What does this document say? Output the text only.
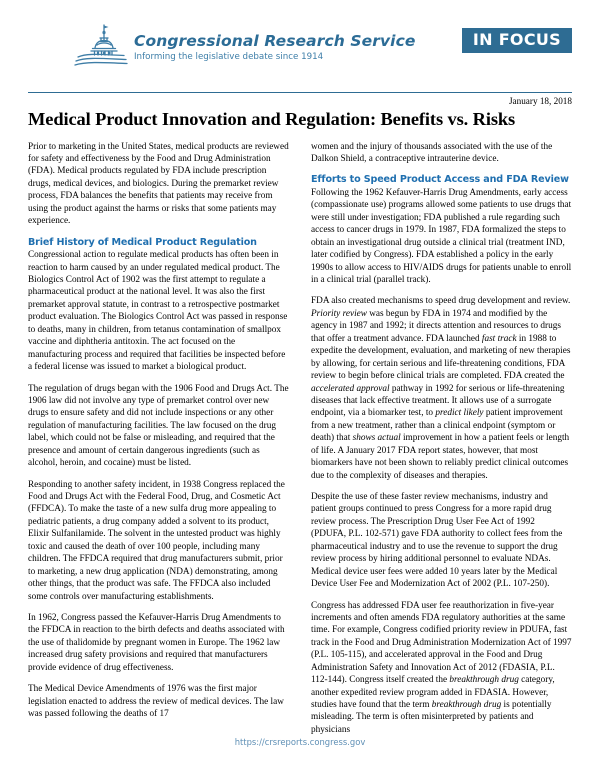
Congressional Research Service
Informing the legislative debate since 1914
IN FOCUS
January 18, 2018
Medical Product Innovation and Regulation: Benefits vs. Risks

Prior to marketing in the United States, medical products are reviewed for safety and effectiveness by the Food and Drug Administration (FDA). Medical products regulated by FDA include prescription drugs, medical devices, and biologics. During the premarket review process, FDA balances the benefits that patients may receive from using the product against the harms or risks that some patients may experience.

Brief History of Medical Product Regulation

Congressional action to regulate medical products has often been in reaction to harm caused by an under regulated medical product. The Biologics Control Act of 1902 was the first attempt to regulate a pharmaceutical product at the national level. It was also the first premarket approval statute, in contrast to a retrospective postmarket product evaluation. The Biologics Control Act was passed in response to deaths, many in children, from tetanus contamination of smallpox vaccine and diphtheria antitoxin. The act focused on the manufacturing process and required that facilities be inspected before a federal license was issued to market a biological product.

The regulation of drugs began with the 1906 Food and Drugs Act. The 1906 law did not involve any type of premarket control over new drugs to ensure safety and did not include inspections or any other regulation of manufacturing facilities. The law focused on the drug label, which could not be false or misleading, and required that the presence and amount of certain dangerous ingredients (such as alcohol, heroin, and cocaine) must be listed.

Responding to another safety incident, in 1938 Congress replaced the Food and Drugs Act with the Federal Food, Drug, and Cosmetic Act (FFDCA). To make the taste of a new sulfa drug more appealing to pediatric patients, a drug company added a solvent to its product, Elixir Sulfanilamide. The solvent in the untested product was highly toxic and caused the death of over 100 people, including many children. The FFDCA required that drug manufacturers submit, prior to marketing, a new drug application (NDA) demonstrating, among other things, that the product was safe. The FFDCA also included some controls over manufacturing establishments.

In 1962, Congress passed the Kefauver-Harris Drug Amendments to the FFDCA in reaction to the birth defects and deaths associated with the use of thalidomide by pregnant women in Europe. The 1962 law increased drug safety provisions and required that manufacturers provide evidence of drug effectiveness.

The Medical Device Amendments of 1976 was the first major legislation enacted to address the review of medical devices. The law was passed following the deaths of 17

women and the injury of thousands associated with the use of the Dalkon Shield, a contraceptive intrauterine device.

Efforts to Speed Product Access and FDA Review

Following the 1962 Kefauver-Harris Drug Amendments, early access (compassionate use) programs allowed some patients to use drugs that were still under investigation; FDA published a rule regarding such access to cancer drugs in 1979. In 1987, FDA formalized the steps to obtain an investigational drug outside a clinical trial (treatment IND, later codified by Congress). FDA established a policy in the early 1990s to allow access to HIV/AIDS drugs for patients unable to enroll in a clinical trial (parallel track).

FDA also created mechanisms to speed drug development and review. Priority review was begun by FDA in 1974 and modified by the agency in 1987 and 1992; it directs attention and resources to drugs that offer a treatment advance. FDA launched fast track in 1988 to expedite the development, evaluation, and marketing of new therapies by allowing, for certain serious and life-threatening conditions, FDA review to begin before clinical trials are completed. FDA created the accelerated approval pathway in 1992 for serious or life-threatening diseases that lack effective treatment. It allows use of a surrogate endpoint, via a biomarker test, to predict likely patient improvement from a new treatment, rather than a clinical endpoint (symptom or death) that shows actual improvement in how a patient feels or length of life. A January 2017 FDA report states, however, that most biomarkers have not been shown to reliably predict clinical outcomes due to the complexity of diseases and therapies.

Despite the use of these faster review mechanisms, industry and patient groups continued to press Congress for a more rapid drug review process. The Prescription Drug User Fee Act of 1992 (PDUFA, P.L. 102-571) gave FDA authority to collect fees from the pharmaceutical industry and to use the revenue to support the drug review process by hiring additional personnel to evaluate NDAs. Medical device user fees were added 10 years later by the Medical Device User Fee and Modernization Act of 2002 (P.L. 107-250).

Congress has addressed FDA user fee reauthorization in five-year increments and often amends FDA regulatory authorities at the same time. For example, Congress codified priority review in PDUFA, fast track in the Food and Drug Administration Modernization Act of 1997 (P.L. 105-115), and accelerated approval in the Food and Drug Administration Safety and Innovation Act of 2012 (FDASIA, P.L. 112-144). Congress itself created the breakthrough drug category, another expedited review program added in FDASIA. However, studies have found that the term breakthrough drug is potentially misleading. The term is often misinterpreted by patients and physicians

https://crsreports.congress.gov
